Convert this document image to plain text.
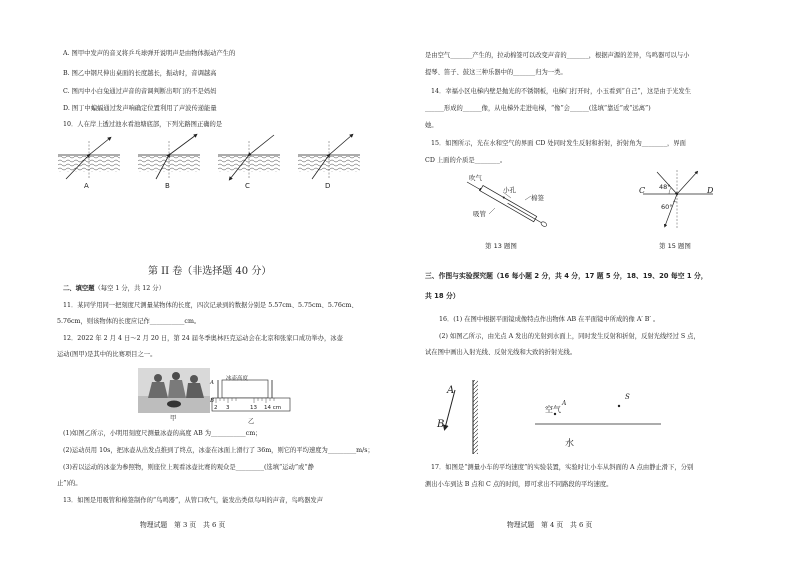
A. 图甲中发声的音叉将乒乓球弹开说明声是由物体振动产生的
B. 图乙中钢尺伸出桌面的长度越长，振动时，音调越高
C. 图丙中小白兔通过声音的音调判断出叩门的不是妈妈
D. 图丁中蝙蝠通过发声响确定位置利用了声波传递能量
10．人在岸上透过池水看池塘底部，下列光路图正确的是
A	B	C	D
第 II 卷（非选择题 40 分）
二、填空题（每空 1 分，共 12 分）
11．某同学用同一把刻度尺测量某物体的长度，四次记录到的数据分别是 5.57cm、5.75cm、5.76cm、
5.76cm，则该物体的长度应记作___________cm。
12．2022 年 2 月 4 日～2 月 20 日，第 24 届冬季奥林匹克运动会在北京和张家口成功举办，冰壶
运动(图甲)是其中的比赛项目之一。
冰壶高度
A
B
2 3	13 14 cm
甲	乙
(1)如图乙所示，小明用刻度尺测量冰壶的高度 AB 为___________cm；
(2)运动员用 10s，把冰壶从出发点推到了终点，冰壶在冰面上滑行了 36m，则它的平均速度为_________m/s；
(3)若以运动的冰壶为参照物，则座位上观看冰壶比赛的观众是_________(选填“运动”或“静
止”)的。
13．如图是用吸管和棉签制作的“鸟鸣器”，从管口吹气，能发出类似鸟叫的声音，鸟鸣器发声
物理试题　第 3 页　共 6 页
是由空气_______产生的，拉动棉签可以改变声音的_______，根据声源的差异，鸟鸣器可以与小
提琴、笛子、鼓这三种乐器中的_______归为一类。
14．幸福小区电梯内壁是抛光的不锈钢板，电梯门打开时，小玉看到“自己”，这是由于光发生
______形成的______像，从电梯外走进电梯，“像”会______(选填“靠近”或“远离”)
她。
15．如图所示，光在水和空气的界面 CD 处同时发生反射和折射，折射角为________，界面
CD 上面的介质是________。
吹气
小孔
棉签
吸管
第 13 题图
C	D
48°
60°
第 15 题图
三、作图与实验探究题（16 每小题 2 分，共 4 分，17 题 5 分，18、19、20 每空 1 分，
共 18 分）
16．(1) 在图中根据平面镜成像特点作出物体 AB 在平面镜中所成的像 A′ B′ 。
(2) 如图乙所示，由光点 A 发出的光射到水面上，同时发生反射和折射，反射光线经过 S 点，
试在图中画出入射光线、反射光线和大致的折射光线。
A
B
空气
A
S
水
17．如图是“测量小车的平均速度”的实验装置，实验时让小车从斜面的 A 点由静止滑下，分别
测出小车到达 B 点和 C 点的时间，即可求出不同路段的平均速度。
物理试题　第 4 页　共 6 页
